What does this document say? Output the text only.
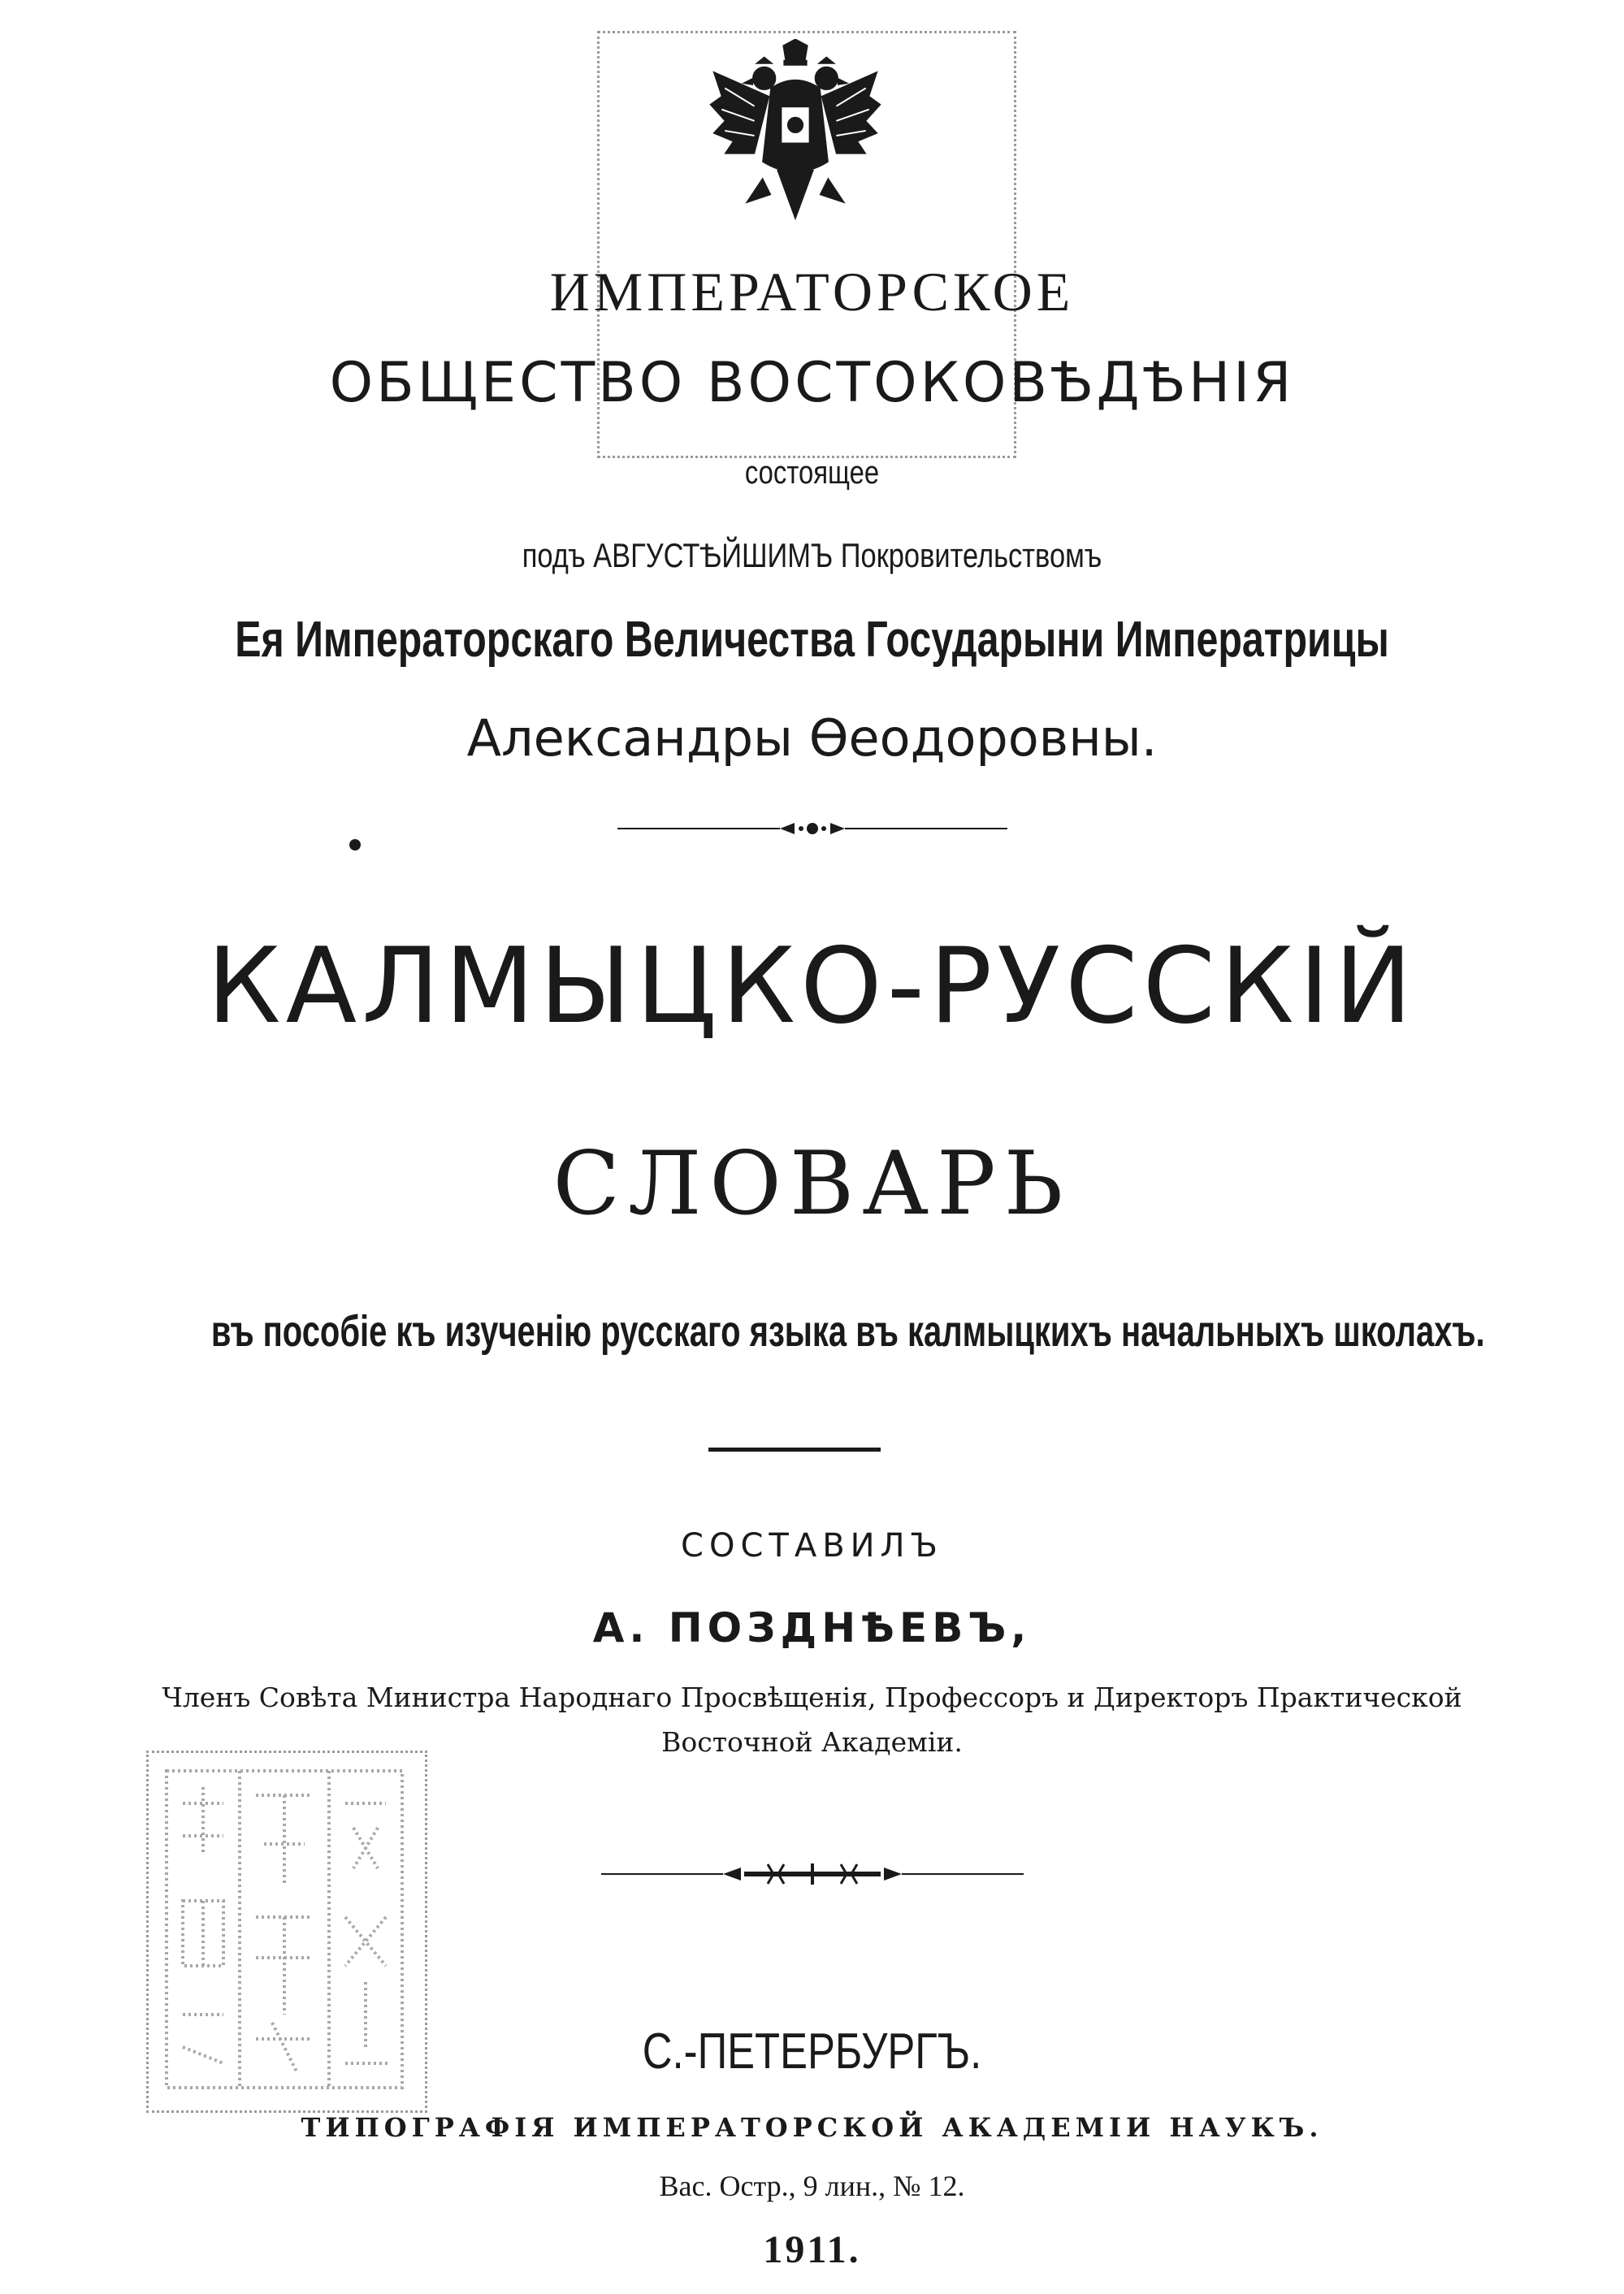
ИМПЕРАТОРСКОЕ

ОБЩЕСТВО ВОСТОКОВѢДѢНІЯ

состоящее

подъ АВГУСТѢЙШИМЪ Покровительствомъ

Ея Императорскаго Величества Государыни Императрицы

Александры Ѳеодоровны.

КАЛМЫЦКО-РУССКІЙ

СЛОВАРЬ

въ пособіе къ изученію русскаго языка въ калмыцкихъ начальныхъ школахъ.

СОСТАВИЛЪ

А. ПОЗДНѢЕВЪ,

Членъ Совѣта Министра Народнаго Просвѣщенія, Профессоръ и Директоръ Практической

Восточной Академіи.

С.-ПЕТЕРБУРГЪ.

ТИПОГРАФІЯ ИМПЕРАТОРСКОЙ АКАДЕМІИ НАУКЪ.

Вас. Остр., 9 лин., № 12.

1911.
